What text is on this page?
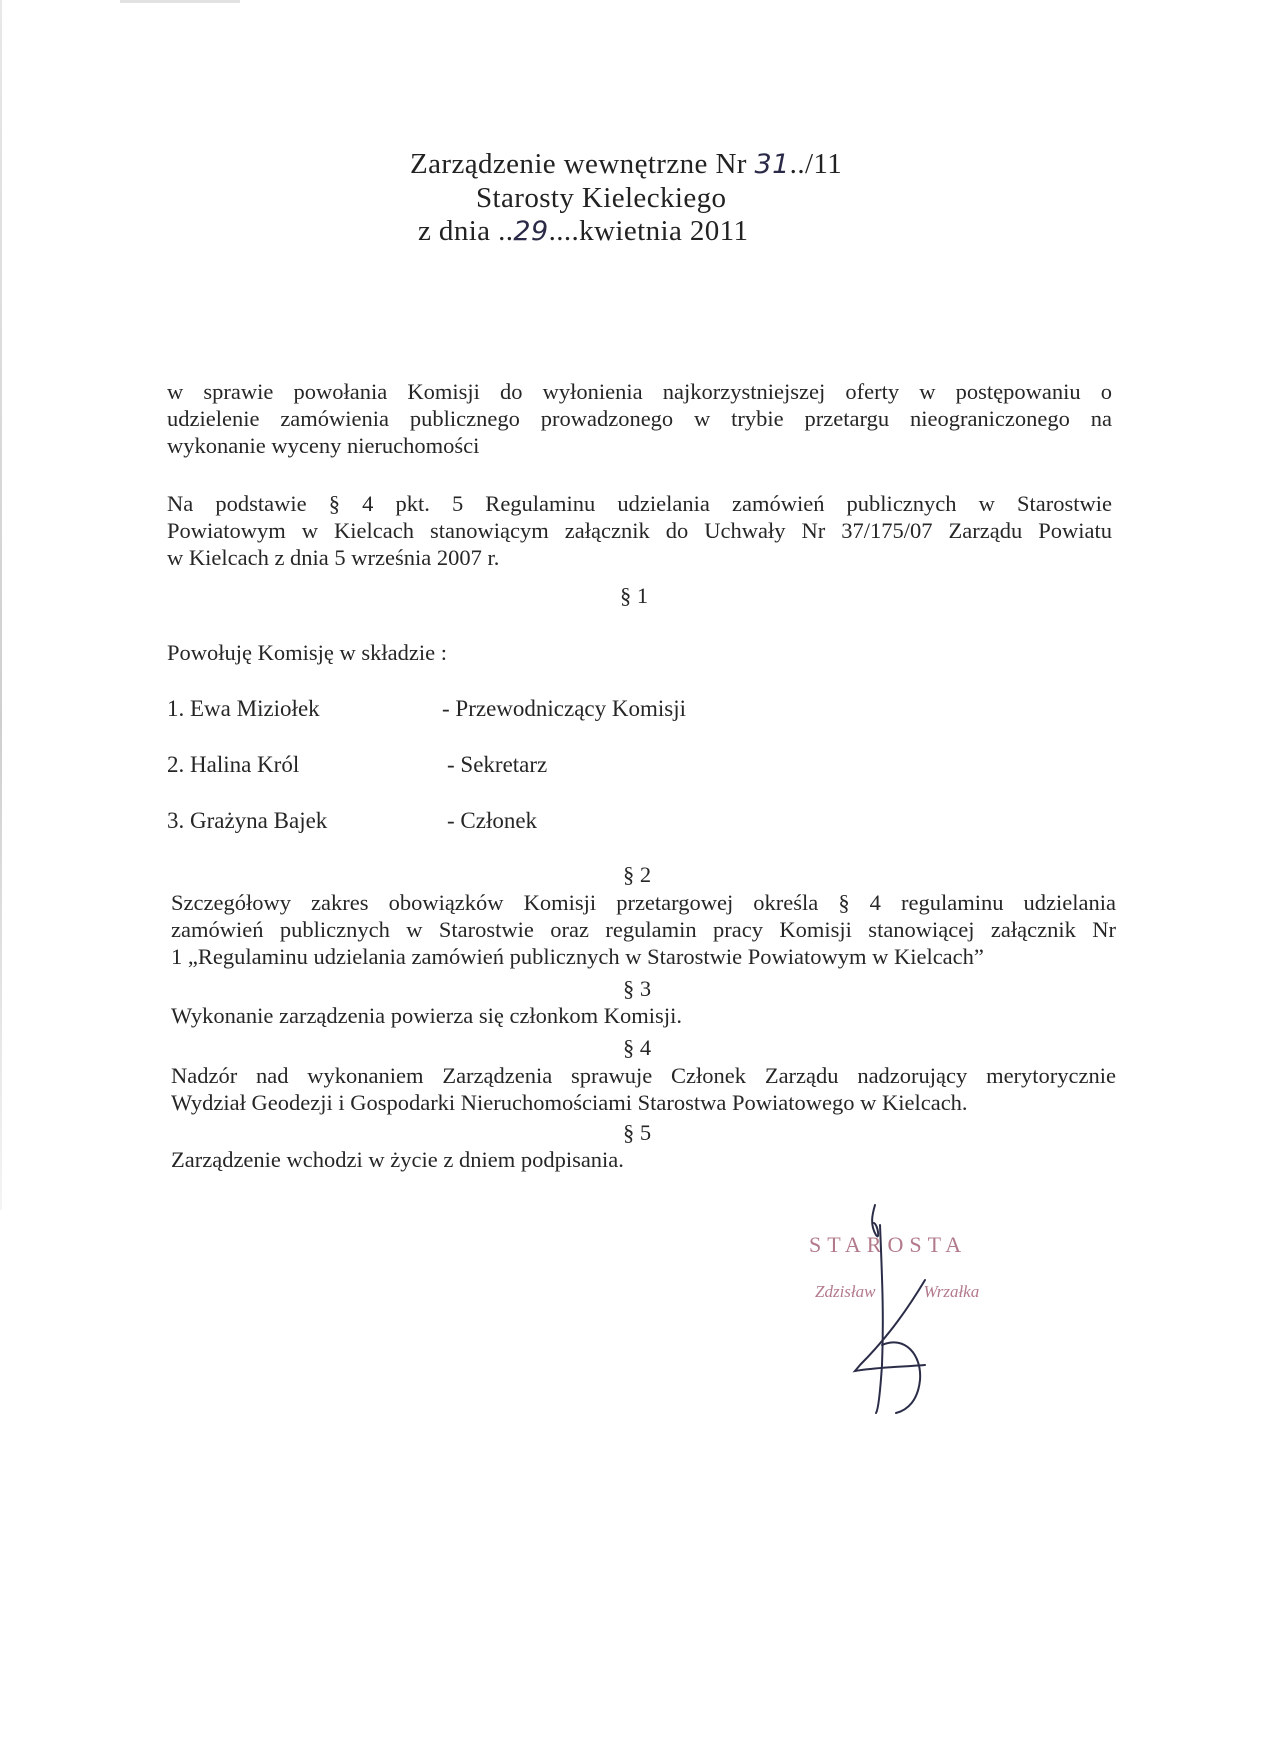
Zarządzenie wewnętrzne Nr 31../11
Starosty Kieleckiego
z dnia ..29....kwietnia 2011

w sprawie powołania Komisji do wyłonienia najkorzystniejszej oferty w postępowaniu o

udzielenie zamówienia publicznego prowadzonego w trybie przetargu nieograniczonego na

wykonanie wyceny nieruchomości

Na podstawie § 4 pkt. 5 Regulaminu udzielania zamówień publicznych w Starostwie

Powiatowym w Kielcach stanowiącym załącznik do Uchwały Nr 37/175/07 Zarządu Powiatu

w Kielcach z dnia 5 września 2007 r.

§ 1
Powołuję Komisję w składzie :
1. Ewa Miziołek	- Przewodniczący Komisji
2. Halina Król	- Sekretarz
3. Grażyna Bajek	- Członek
§ 2

Szczegółowy zakres obowiązków Komisji przetargowej określa § 4 regulaminu udzielania

zamówień publicznych w Starostwie oraz regulamin pracy Komisji stanowiącej załącznik Nr

1 „Regulaminu udzielania zamówień publicznych w Starostwie Powiatowym w Kielcach”

§ 3
Wykonanie zarządzenia powierza się członkom Komisji.
§ 4

Nadzór nad wykonaniem Zarządzenia sprawuje Członek Zarządu nadzorujący merytorycznie

Wydział Geodezji i Gospodarki Nieruchomościami Starostwa Powiatowego w Kielcach.

§ 5
Zarządzenie wchodzi w życie z dniem podpisania.
STAROSTA
Zdzisław	Wrzałka
